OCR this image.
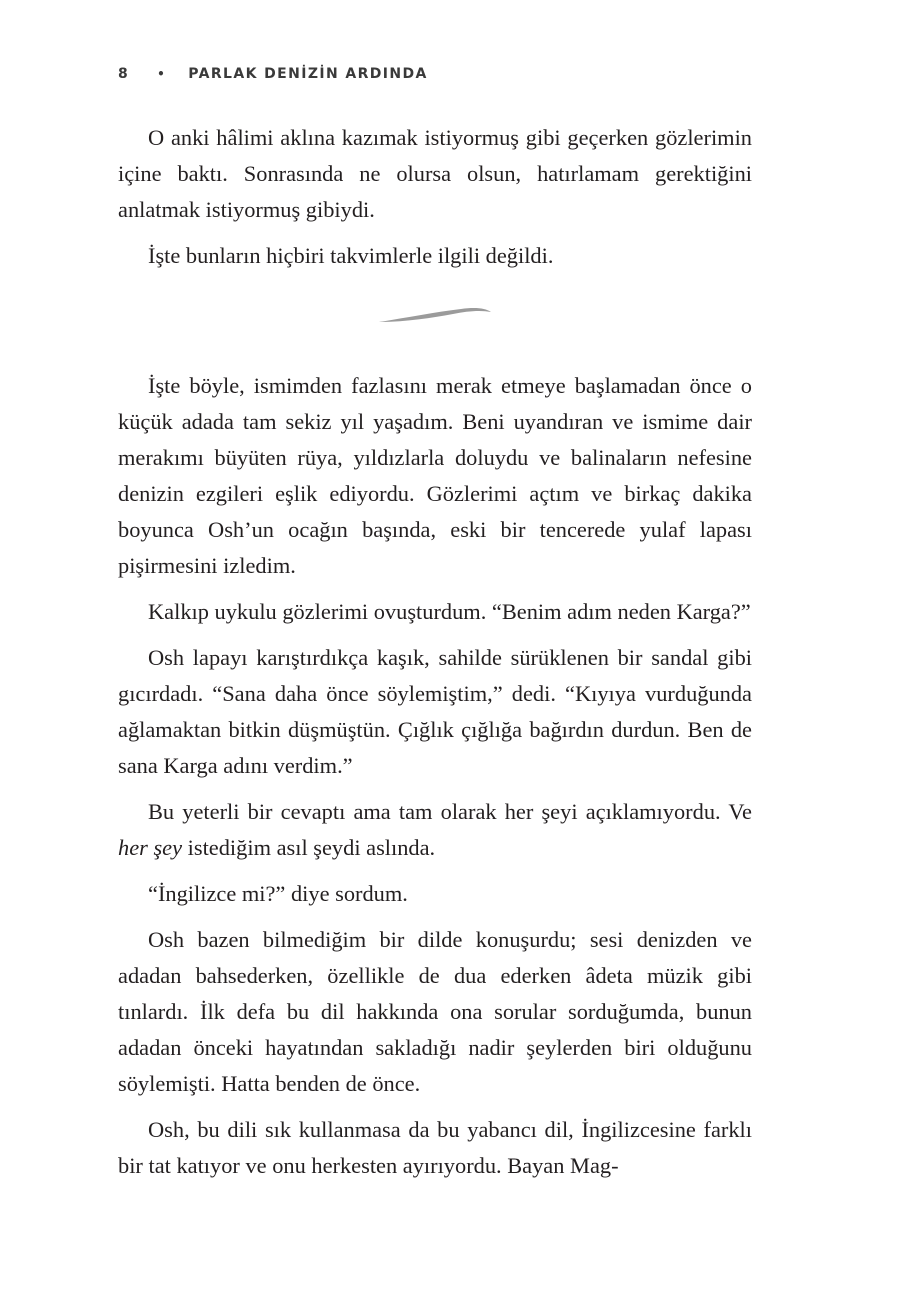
8 • PARLAK DENİZİN ARDINDA

O anki hâlimi aklına kazımak istiyormuş gibi geçerken gözlerimin içine baktı. Sonrasında ne olursa olsun, hatırlamam gerektiğini anlatmak istiyormuş gibiydi.

İşte bunların hiçbiri takvimlerle ilgili değildi.

İşte böyle, ismimden fazlasını merak etmeye başlamadan önce o küçük adada tam sekiz yıl yaşadım. Beni uyandıran ve ismime dair merakımı büyüten rüya, yıldızlarla doluydu ve balinaların nefesine denizin ezgileri eşlik ediyordu. Gözlerimi açtım ve birkaç dakika boyunca Osh’un ocağın başında, eski bir tencerede yulaf lapası pişirmesini izledim.

Kalkıp uykulu gözlerimi ovuşturdum. “Benim adım neden Karga?”

Osh lapayı karıştırdıkça kaşık, sahilde sürüklenen bir sandal gibi gıcırdadı. “Sana daha önce söylemiştim,” dedi. “Kıyıya vurduğunda ağlamaktan bitkin düşmüştün. Çığlık çığlığa bağırdın durdun. Ben de sana Karga adını verdim.”

Bu yeterli bir cevaptı ama tam olarak her şeyi açıklamıyordu. Ve her şey istediğim asıl şeydi aslında.

“İngilizce mi?” diye sordum.

Osh bazen bilmediğim bir dilde konuşurdu; sesi denizden ve adadan bahsederken, özellikle de dua ederken âdeta müzik gibi tınlardı. İlk defa bu dil hakkında ona sorular sorduğumda, bunun adadan önceki hayatından sakladığı nadir şeylerden biri olduğunu söylemişti. Hatta benden de önce.

Osh, bu dili sık kullanmasa da bu yabancı dil, İngilizcesine farklı bir tat katıyor ve onu herkesten ayırıyordu. Bayan Mag-
